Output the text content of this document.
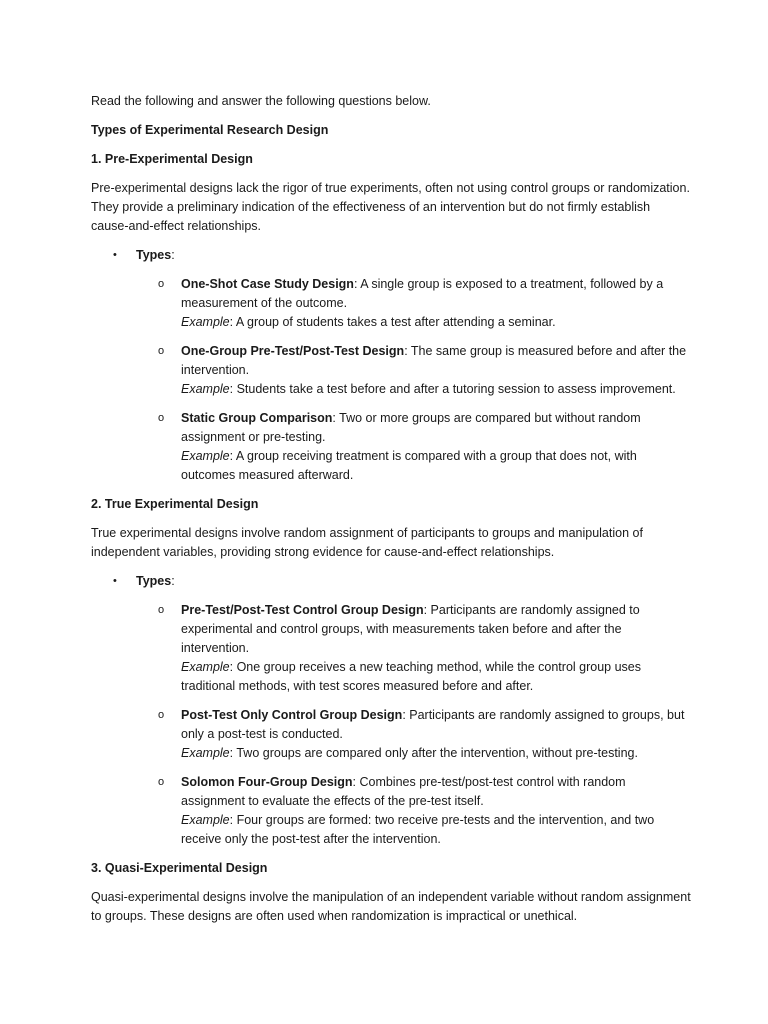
Read the following and answer the following questions below.

Types of Experimental Research Design

1. Pre-Experimental Design

Pre-experimental designs lack the rigor of true experiments, often not using control groups or randomization. They provide a preliminary indication of the effectiveness of an intervention but do not firmly establish cause-and-effect relationships.

• Types:
o One-Shot Case Study Design: A single group is exposed to a treatment, followed by a measurement of the outcome.
Example: A group of students takes a test after attending a seminar.
o One-Group Pre-Test/Post-Test Design: The same group is measured before and after the intervention.
Example: Students take a test before and after a tutoring session to assess improvement.
o Static Group Comparison: Two or more groups are compared but without random assignment or pre-testing.
Example: A group receiving treatment is compared with a group that does not, with outcomes measured afterward.

2. True Experimental Design

True experimental designs involve random assignment of participants to groups and manipulation of independent variables, providing strong evidence for cause-and-effect relationships.

• Types:
o Pre-Test/Post-Test Control Group Design: Participants are randomly assigned to experimental and control groups, with measurements taken before and after the intervention.
Example: One group receives a new teaching method, while the control group uses traditional methods, with test scores measured before and after.
o Post-Test Only Control Group Design: Participants are randomly assigned to groups, but only a post-test is conducted.
Example: Two groups are compared only after the intervention, without pre-testing.
o Solomon Four-Group Design: Combines pre-test/post-test control with random assignment to evaluate the effects of the pre-test itself.
Example: Four groups are formed: two receive pre-tests and the intervention, and two receive only the post-test after the intervention.

3. Quasi-Experimental Design

Quasi-experimental designs involve the manipulation of an independent variable without random assignment to groups. These designs are often used when randomization is impractical or unethical.
